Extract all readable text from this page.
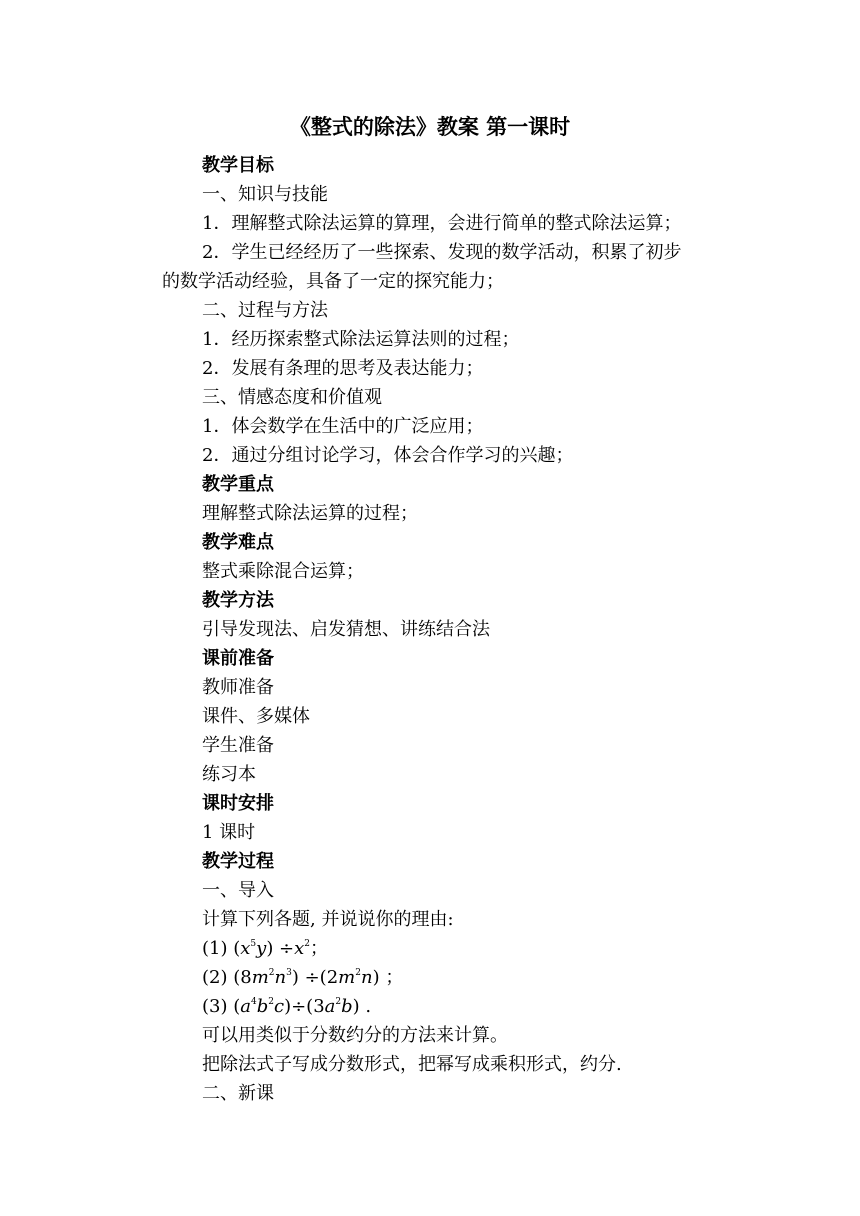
《整式的除法》教案 第一课时
教学目标
一、知识与技能
1．理解整式除法运算的算理，会进行简单的整式除法运算；
2．学生已经经历了一些探索、发现的数学活动，积累了初步
的数学活动经验，具备了一定的探究能力；
二、过程与方法
1．经历探索整式除法运算法则的过程；
2．发展有条理的思考及表达能力；
三、情感态度和价值观
1．体会数学在生活中的广泛应用；
2．通过分组讨论学习，体会合作学习的兴趣；
教学重点
理解整式除法运算的过程；
教学难点
整式乘除混合运算；
教学方法
引导发现法、启发猜想、讲练结合法
课前准备
教师准备
课件、多媒体
学生准备
练习本
课时安排
1 课时
教学过程
一、导入
计算下列各题, 并说说你的理由:
(1) $(x^5y) \div x^2$；
(2) $(8m^2n^3) \div(2m^2n)$ ；
(3) $(a^4b^2c)\div(3a^2b)$ .
可以用类似于分数约分的方法来计算。
把除法式子写成分数形式，把幂写成乘积形式，约分.
二、新课
